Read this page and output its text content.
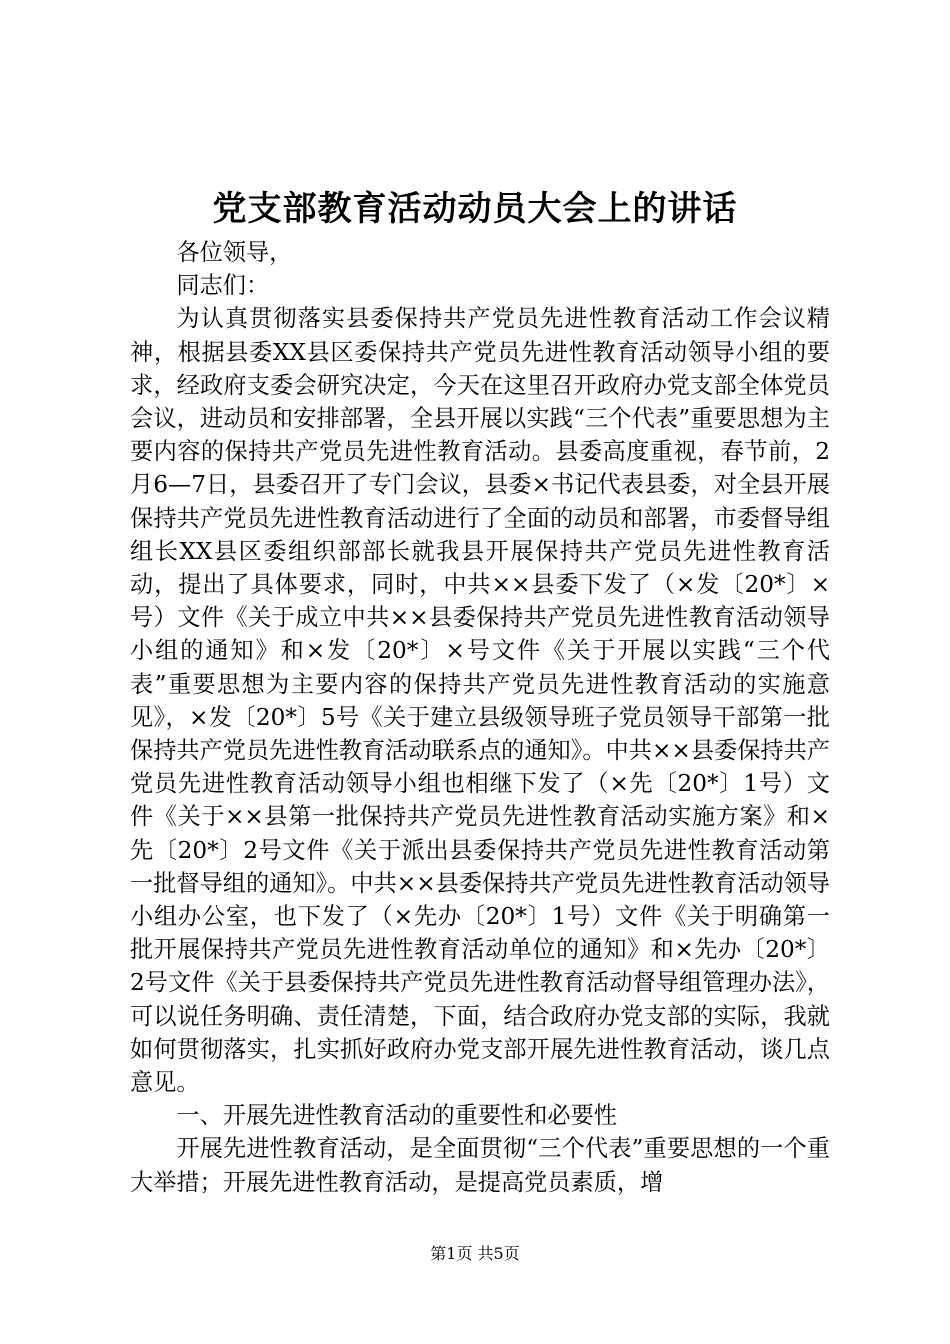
党支部教育活动动员大会上的讲话

各位领导，

同志们：

为认真贯彻落实县委保持共产党员先进性教育活动工作会议精神，根据县委XX县区委保持共产党员先进性教育活动领导小组的要求，经政府支委会研究决定，今天在这里召开政府办党支部全体党员会议，进动员和安排部署，全县开展以实践“三个代表”重要思想为主要内容的保持共产党员先进性教育活动。县委高度重视，春节前，2月6—7日，县委召开了专门会议，县委×书记代表县委，对全县开展保持共产党员先进性教育活动进行了全面的动员和部署，市委督导组组长XX县区委组织部部长就我县开展保持共产党员先进性教育活动，提出了具体要求，同时，中共××县委下发了（×发〔20*〕×号）文件《关于成立中共××县委保持共产党员先进性教育活动领导小组的通知》和×发〔20*〕×号文件《关于开展以实践“三个代表”重要思想为主要内容的保持共产党员先进性教育活动的实施意见》，×发〔20*〕5号《关于建立县级领导班子党员领导干部第一批保持共产党员先进性教育活动联系点的通知》。中共××县委保持共产党员先进性教育活动领导小组也相继下发了（×先〔20*〕1号）文件《关于××县第一批保持共产党员先进性教育活动实施方案》和×先〔20*〕2号文件《关于派出县委保持共产党员先进性教育活动第一批督导组的通知》。中共××县委保持共产党员先进性教育活动领导小组办公室，也下发了（×先办〔20*〕1号）文件《关于明确第一批开展保持共产党员先进性教育活动单位的通知》和×先办〔20*〕2号文件《关于县委保持共产党员先进性教育活动督导组管理办法》，可以说任务明确、责任清楚，下面，结合政府办党支部的实际，我就如何贯彻落实，扎实抓好政府办党支部开展先进性教育活动，谈几点意见。

一、开展先进性教育活动的重要性和必要性

开展先进性教育活动，是全面贯彻“三个代表”重要思想的一个重大举措；开展先进性教育活动，是提高党员素质，增

第1页 共5页
